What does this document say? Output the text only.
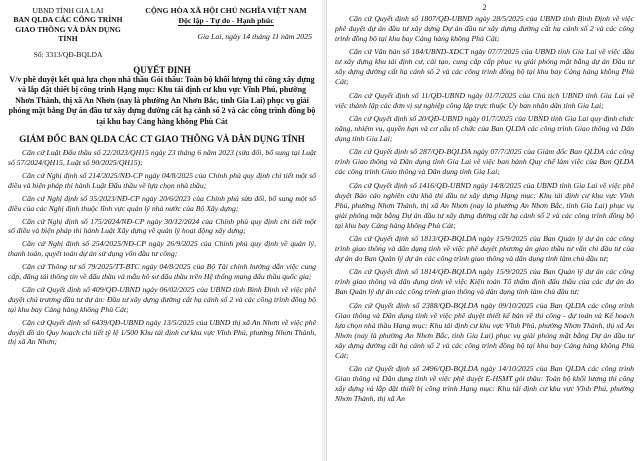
UBND TỈNH GIA LAI
BAN QLDA CÁC CÔNG TRÌNH
GIAO THÔNG VÀ DÂN DỤNG TỈNH
Số: 3313/QĐ-BQLDA
CỘNG HÒA XÃ HỘI CHỦ NGHĨA VIỆT NAM
Độc lập - Tự do - Hạnh phúc
Gia Lai, ngày 14 tháng 11 năm 2025
QUYẾT ĐỊNH
V/v phê duyệt kết quả lựa chọn nhà thầu Gói thầu: Toàn bộ khối lượng thi công xây dựng và lắp đặt thiết bị công trình Hạng mục: Khu tái định cư khu vực Vĩnh Phú, phường Nhơn Thành, thị xã An Nhơn (nay là phường An Nhơn Bắc, tỉnh Gia Lai) phục vụ giải phóng mặt bằng Dự án đầu tư xây dựng đường cất hạ cánh số 2 và các công trình đồng bộ tại khu bay Cảng hàng không Phù Cát
GIÁM ĐỐC BAN QLDA CÁC CT GIAO THÔNG VÀ DÂN DỤNG TỈNH

Căn cứ Luật Đấu thầu số 22/2023/QH15 ngày 23 tháng 6 năm 2023 (sửa đổi, bổ sung tại Luật số 57/2024/QH15, Luật số 90/2025/QH15);

Căn cứ Nghị định số 214/2025/NĐ-CP ngày 04/8/2025 của Chính phủ quy định chi tiết một số điều và biện pháp thi hành Luật Đấu thầu về lựa chọn nhà thầu;

Căn cứ Nghị định số 35/2023/NĐ-CP ngày 20/6/2023 của Chính phủ sửa đổi, bổ sung một số điều của các Nghị định thuộc lĩnh vực quản lý nhà nước của Bộ Xây dựng;

Căn cứ Nghị định số 175/2024/NĐ-CP ngày 30/12/2024 của Chính phủ quy định chi tiết một số điều và biện pháp thi hành Luật Xây dựng về quản lý hoạt động xây dựng;

Căn cứ Nghị định số 254/2025/NĐ-CP ngày 26/9/2025 của Chính phủ quy định về quản lý, thanh toán, quyết toán dự án sử dụng vốn đầu tư công;

Căn cứ Thông tư số 79/2025/TT-BTC ngày 04/8/2025 của Bộ Tài chính hướng dẫn việc cung cấp, đăng tải thông tin về đấu thầu và mẫu hồ sơ đấu thầu trên Hệ thống mạng đấu thầu quốc gia;

Căn cứ Quyết định số 409/QĐ-UBND ngày 06/02/2025 của UBND tỉnh Bình Định về việc phê duyệt chủ trương đầu tư dự án: Đầu tư xây dựng đường cất hạ cánh số 2 và các công trình đồng bộ tại khu bay Cảng hàng không Phù Cát;

Căn cứ Quyết định số 6439/QĐ-UBND ngày 13/5/2025 của UBND thị xã An Nhơn về việc phê duyệt đồ án Quy hoạch chi tiết tỷ lệ 1/500 Khu tái định cư khu vực Vĩnh Phú, phường Nhơn Thành, thị xã An Nhơn;

2

Căn cứ Quyết định số 1807/QĐ-UBND ngày 28/5/2025 của UBND tỉnh Bình Định về việc phê duyệt dự án đầu tư xây dựng Dự án đầu tư xây dựng đường cất hạ cánh số 2 và các công trình đồng bộ tại khu bay Cảng hàng không Phù Cát;

Căn cứ Văn bản số 184/UBND-XDCT ngày 07/7/2025 của UBND tỉnh Gia Lai về việc đầu tư xây dựng khu tái định cư, cải tạo, cung cấp cấp phục vụ giải phóng mặt bằng dự án Đầu tư xây dựng đường cất hạ cánh số 2 và các công trình đồng bộ tại khu bay Cảng hàng không Phù Cát;

Căn cứ Quyết định số 11/QĐ-UBND ngày 01/7/2025 của Chủ tịch UBND tỉnh Gia Lai về việc thành lập các đơn vị sự nghiệp công lập trực thuộc Ủy ban nhân dân tỉnh Gia Lai;

Căn cứ Quyết định số 20/QĐ-UBND ngày 01/7/2025 của UBND tỉnh Gia Lai quy định chức năng, nhiệm vụ, quyền hạn và cơ cấu tổ chức của Ban QLDA các công trình Giao thông và Dân dụng tỉnh Gia Lai;

Căn cứ Quyết định số 287/QĐ-BQLDA ngày 07/7/2025 của Giám đốc Ban QLDA các công trình Giao thông và Dân dụng tỉnh Gia Lai về việc ban hành Quy chế làm việc của Ban QLDA các công trình Giao thông và Dân dụng tỉnh Gia Lai;

Căn cứ Quyết định số 1416/QĐ-UBND ngày 14/8/2025 của UBND tỉnh Gia Lai về việc phê duyệt Báo cáo nghiên cứu khả thi đầu tư xây dựng Hạng mục: Khu tái định cư khu vực Vĩnh Phú, phường Nhơn Thành, thị xã An Nhơn (nay là phường An Nhơn Bắc, tỉnh Gia Lai) phục vụ giải phóng mặt bằng Dự án đầu tư xây dựng đường cất hạ cánh số 2 và các công trình đồng bộ tại khu bay Cảng hàng không Phù Cát;

Căn cứ Quyết định số 1813/QĐ-BQLDA ngày 15/9/2025 của Ban Quản lý dự án các công trình giao thông và dân dụng tỉnh về việc phê duyệt phương án giao thầu tư vấn chi đầu tư của dự án do Ban Quản lý dự án các công trình giao thông và dân dụng tỉnh làm chủ đầu tư;

Căn cứ Quyết định số 1814/QĐ-BQLDA ngày 15/9/2025 của Ban Quản lý dự án các công trình giao thông và dân dụng tỉnh về việc Kiện toàn Tổ thẩm định đấu thầu của các dự án do Ban Quản lý dự án các công trình giao thông và dân dụng tỉnh làm chủ đầu tư;

Căn cứ Quyết định số 2388/QĐ-BQLDA ngày 09/10/2025 của Ban QLDA các công trình Giao thông và Dân dụng tỉnh về việc phê duyệt thiết kế bản vẽ thi công - dự toán và Kế hoạch lựa chọn nhà thầu Hạng mục: Khu tái định cư khu vực Vĩnh Phú, phường Nhơn Thành, thị xã An Nhơn (nay là phường An Nhơn Bắc, tỉnh Gia Lai) phục vụ giải phóng mặt bằng Dự án đầu tư xây dựng đường cất hạ cánh số 2 và các công trình đồng bộ tại khu bay Cảng hàng không Phù Cát;

Căn cứ Quyết định số 2496/QĐ-BQLDA ngày 14/10/2025 của Ban QLDA các công trình Giao thông và Dân dụng tỉnh về việc phê duyệt E-HSMT gói thầu: Toàn bộ khối lượng thi công xây dựng và lắp đặt thiết bị công trình Hạng mục: Khu tái định cư khu vực Vĩnh Phú, phường Nhơn Thành, thị xã An
